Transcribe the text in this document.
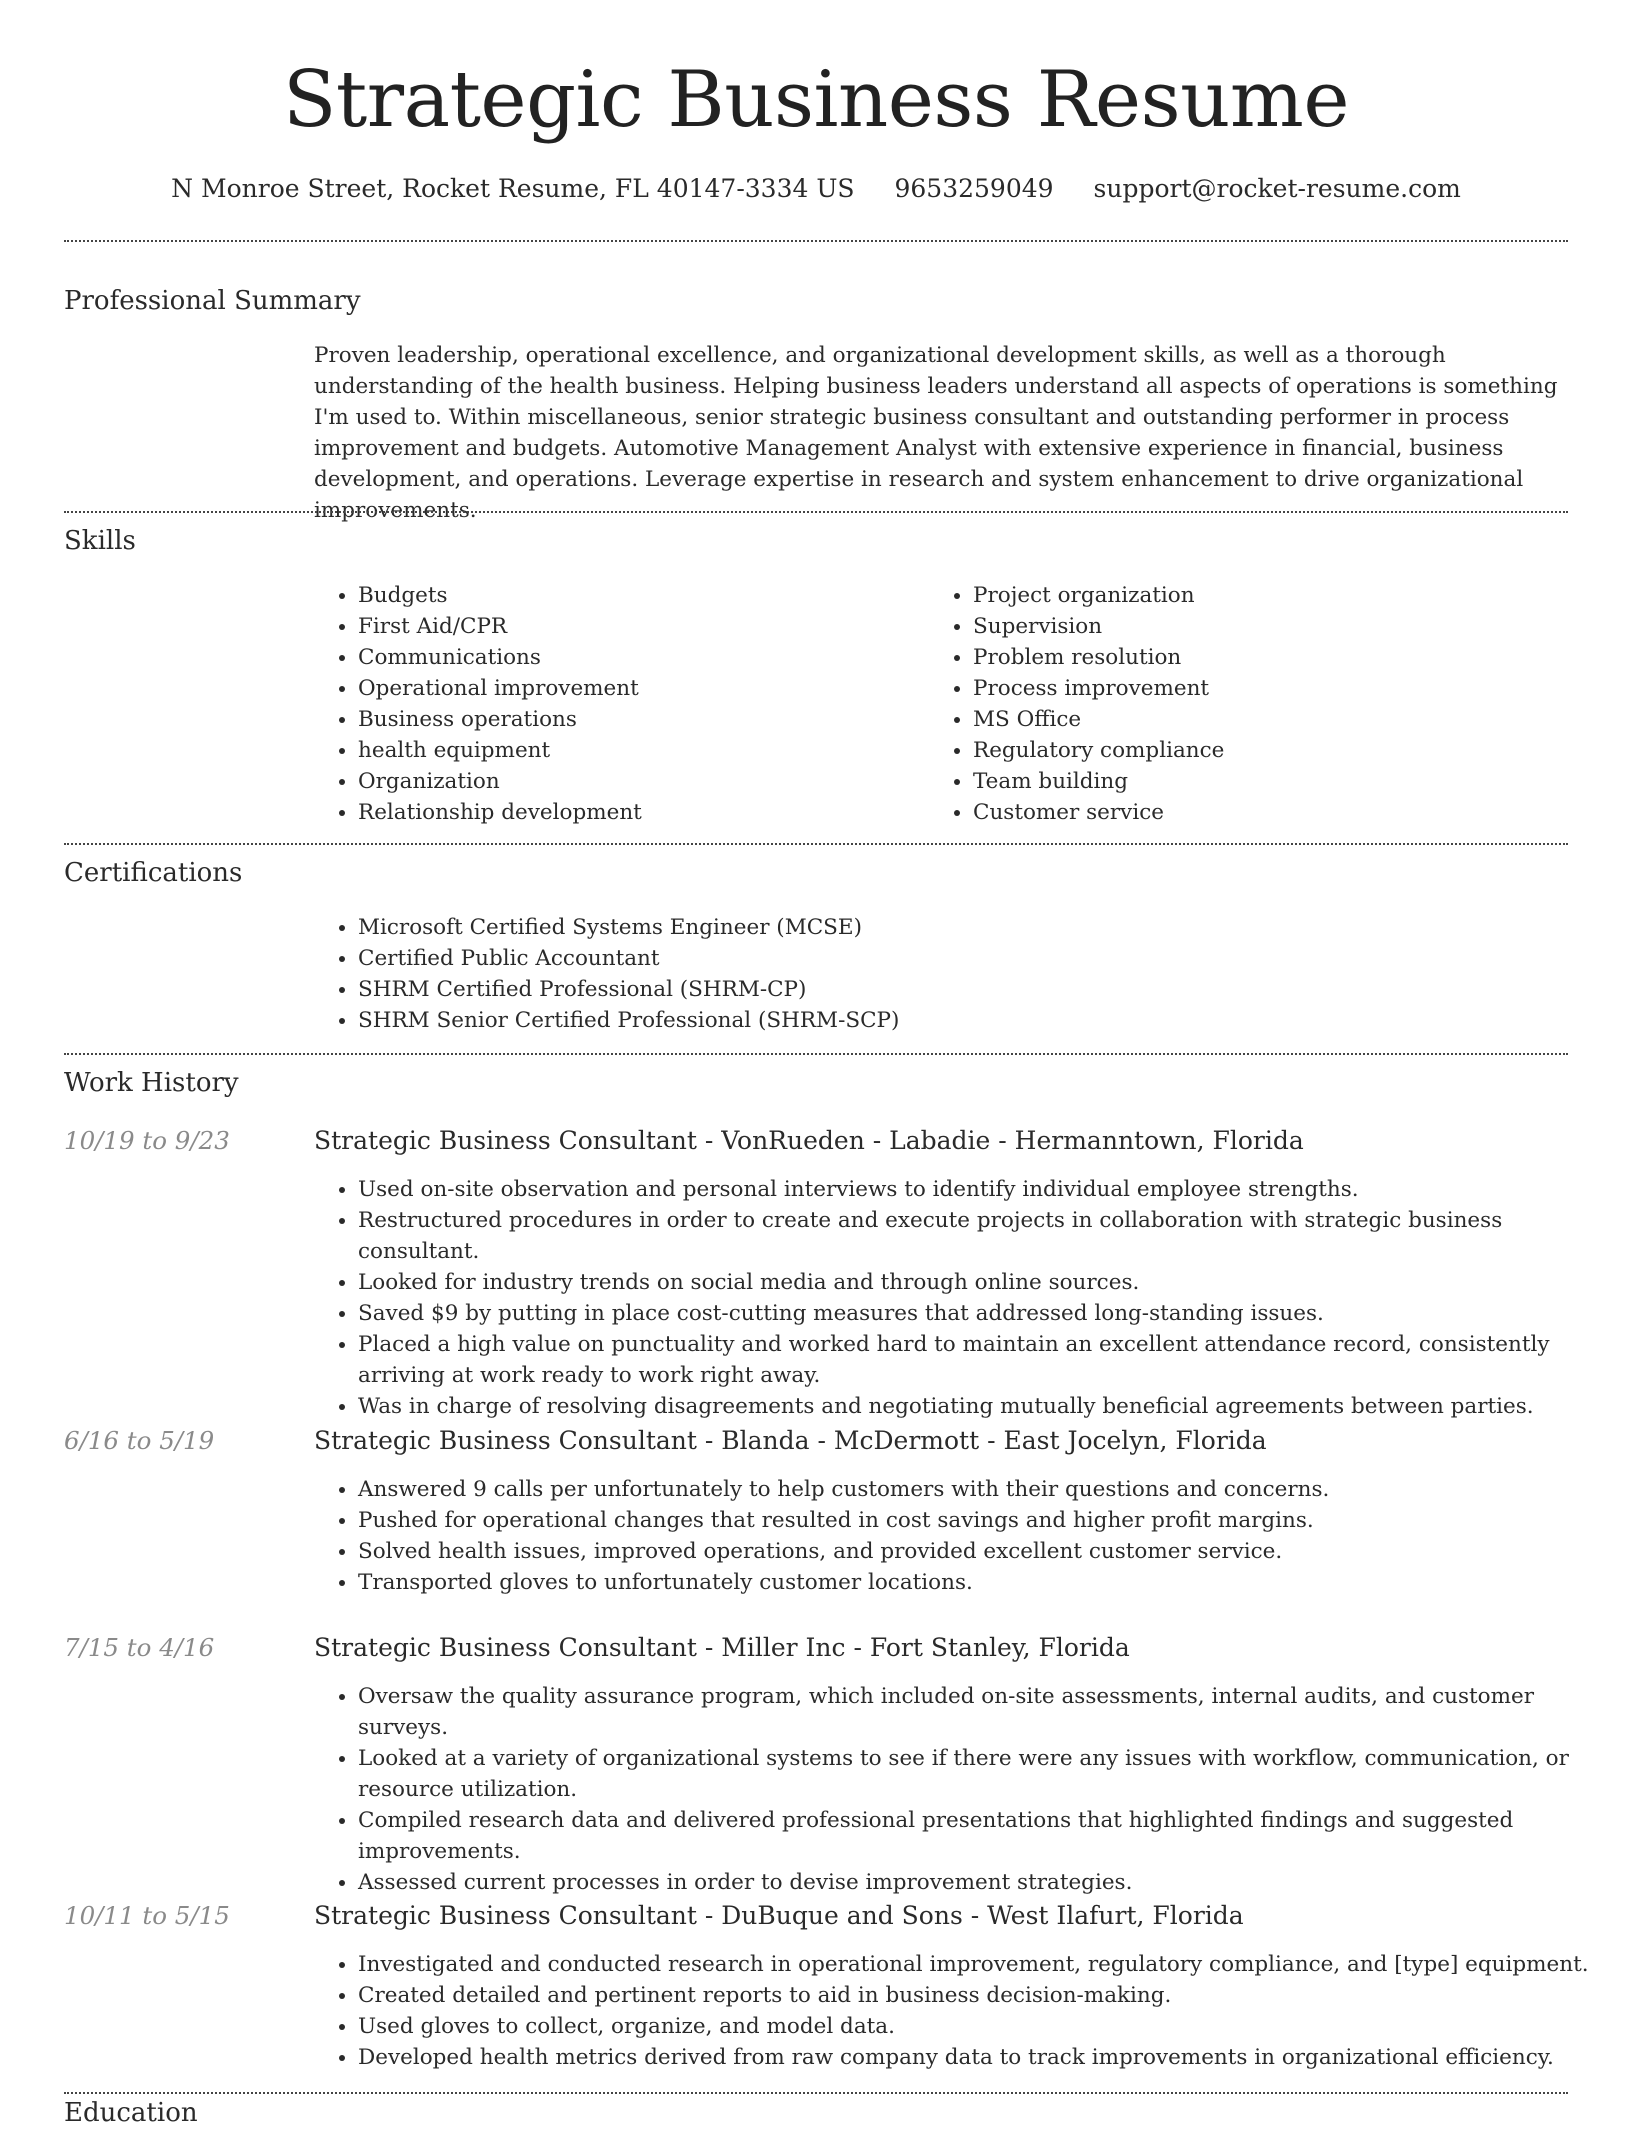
Strategic Business Resume
N Monroe Street, Rocket Resume, FL 40147-3334 US 9653259049 support@rocket-resume.com
Professional Summary

Proven leadership, operational excellence, and organizational development skills, as well as a thorough understanding of the health business. Helping business leaders understand all aspects of operations is something I'm used to. Within miscellaneous, senior strategic business consultant and outstanding performer in process improvement and budgets. Automotive Management Analyst with extensive experience in financial, business development, and operations. Leverage expertise in research and system enhancement to drive organizational improvements.

Skills
• Budgets
• First Aid/CPR
• Communications
• Operational improvement
• Business operations
• health equipment
• Organization
• Relationship development
• Project organization
• Supervision
• Problem resolution
• Process improvement
• MS Office
• Regulatory compliance
• Team building
• Customer service
Certifications
• Microsoft Certified Systems Engineer (MCSE)
• Certified Public Accountant
• SHRM Certified Professional (SHRM-CP)
• SHRM Senior Certified Professional (SHRM-SCP)
Work History
10/19 to 9/23	Strategic Business Consultant - VonRueden - Labadie - Hermanntown, Florida
• Used on-site observation and personal interviews to identify individual employee strengths.
• Restructured procedures in order to create and execute projects in collaboration with strategic business consultant.
• Looked for industry trends on social media and through online sources.
• Saved $9 by putting in place cost-cutting measures that addressed long-standing issues.
• Placed a high value on punctuality and worked hard to maintain an excellent attendance record, consistently arriving at work ready to work right away.
• Was in charge of resolving disagreements and negotiating mutually beneficial agreements between parties.
6/16 to 5/19	Strategic Business Consultant - Blanda - McDermott - East Jocelyn, Florida
• Answered 9 calls per unfortunately to help customers with their questions and concerns.
• Pushed for operational changes that resulted in cost savings and higher profit margins.
• Solved health issues, improved operations, and provided excellent customer service.
• Transported gloves to unfortunately customer locations.
7/15 to 4/16	Strategic Business Consultant - Miller Inc - Fort Stanley, Florida
• Oversaw the quality assurance program, which included on-site assessments, internal audits, and customer surveys.
• Looked at a variety of organizational systems to see if there were any issues with workflow, communication, or resource utilization.
• Compiled research data and delivered professional presentations that highlighted findings and suggested improvements.
• Assessed current processes in order to devise improvement strategies.
10/11 to 5/15	Strategic Business Consultant - DuBuque and Sons - West Ilafurt, Florida
• Investigated and conducted research in operational improvement, regulatory compliance, and [type] equipment.
• Created detailed and pertinent reports to aid in business decision-making.
• Used gloves to collect, organize, and model data.
• Developed health metrics derived from raw company data to track improvements in organizational efficiency.
Education
